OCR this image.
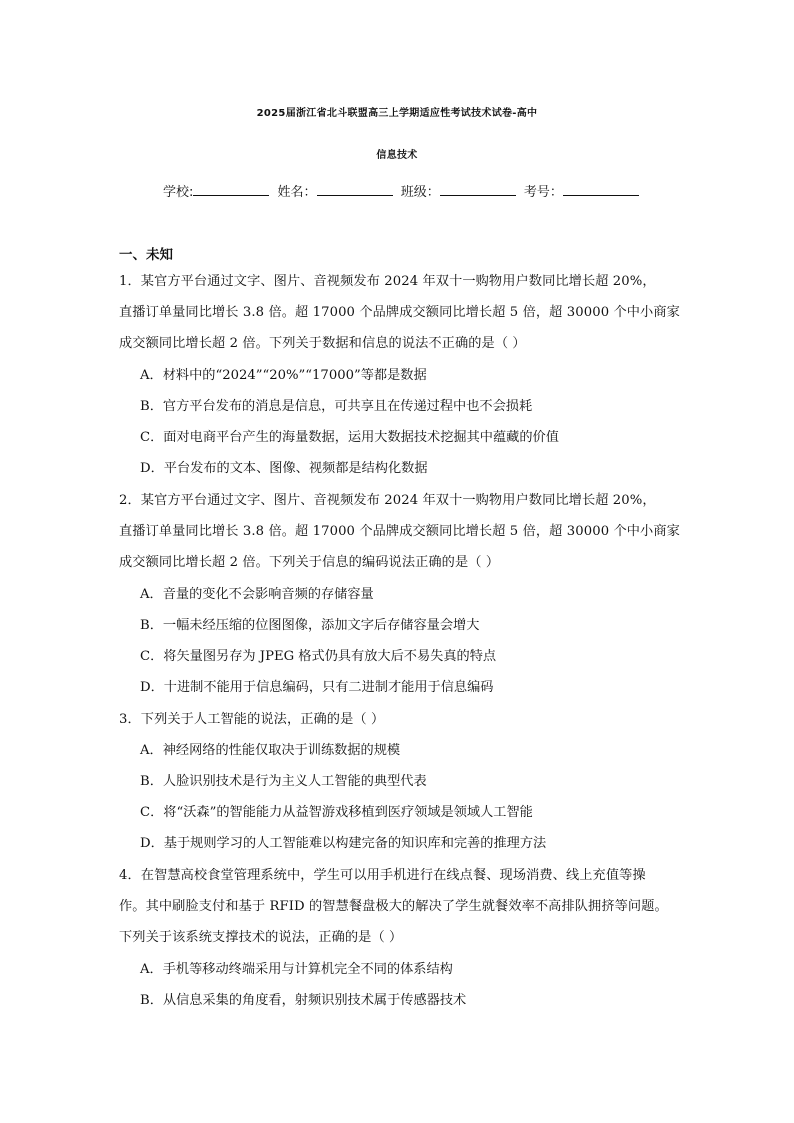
2025届浙江省北斗联盟高三上学期适应性考试技术试卷-高中
信息技术
学校:	姓名：	班级：	考号：
一、未知
1．某官方平台通过文字、图片、音视频发布 2024 年双十一购物用户数同比增长超 20%，
直播订单量同比增长 3.8 倍。超 17000 个品牌成交额同比增长超 5 倍，超 30000 个中小商家
成交额同比增长超 2 倍。下列关于数据和信息的说法不正确的是（ ）
A．材料中的“2024”“20%”“17000”等都是数据
B．官方平台发布的消息是信息，可共享且在传递过程中也不会损耗
C．面对电商平台产生的海量数据，运用大数据技术挖掘其中蕴藏的价值
D．平台发布的文本、图像、视频都是结构化数据
2．某官方平台通过文字、图片、音视频发布 2024 年双十一购物用户数同比增长超 20%，
直播订单量同比增长 3.8 倍。超 17000 个品牌成交额同比增长超 5 倍，超 30000 个中小商家
成交额同比增长超 2 倍。下列关于信息的编码说法正确的是（ ）
A．音量的变化不会影响音频的存储容量
B．一幅未经压缩的位图图像，添加文字后存储容量会增大
C．将矢量图另存为 JPEG 格式仍具有放大后不易失真的特点
D．十进制不能用于信息编码，只有二进制才能用于信息编码
3．下列关于人工智能的说法，正确的是（ ）
A．神经网络的性能仅取决于训练数据的规模
B．人脸识别技术是行为主义人工智能的典型代表
C．将“沃森”的智能能力从益智游戏移植到医疗领域是领域人工智能
D．基于规则学习的人工智能难以构建完备的知识库和完善的推理方法
4．在智慧高校食堂管理系统中，学生可以用手机进行在线点餐、现场消费、线上充值等操
作。其中刷脸支付和基于 RFID 的智慧餐盘极大的解决了学生就餐效率不高排队拥挤等问题。
下列关于该系统支撑技术的说法，正确的是（ ）
A．手机等移动终端采用与计算机完全不同的体系结构
B．从信息采集的角度看，射频识别技术属于传感器技术
